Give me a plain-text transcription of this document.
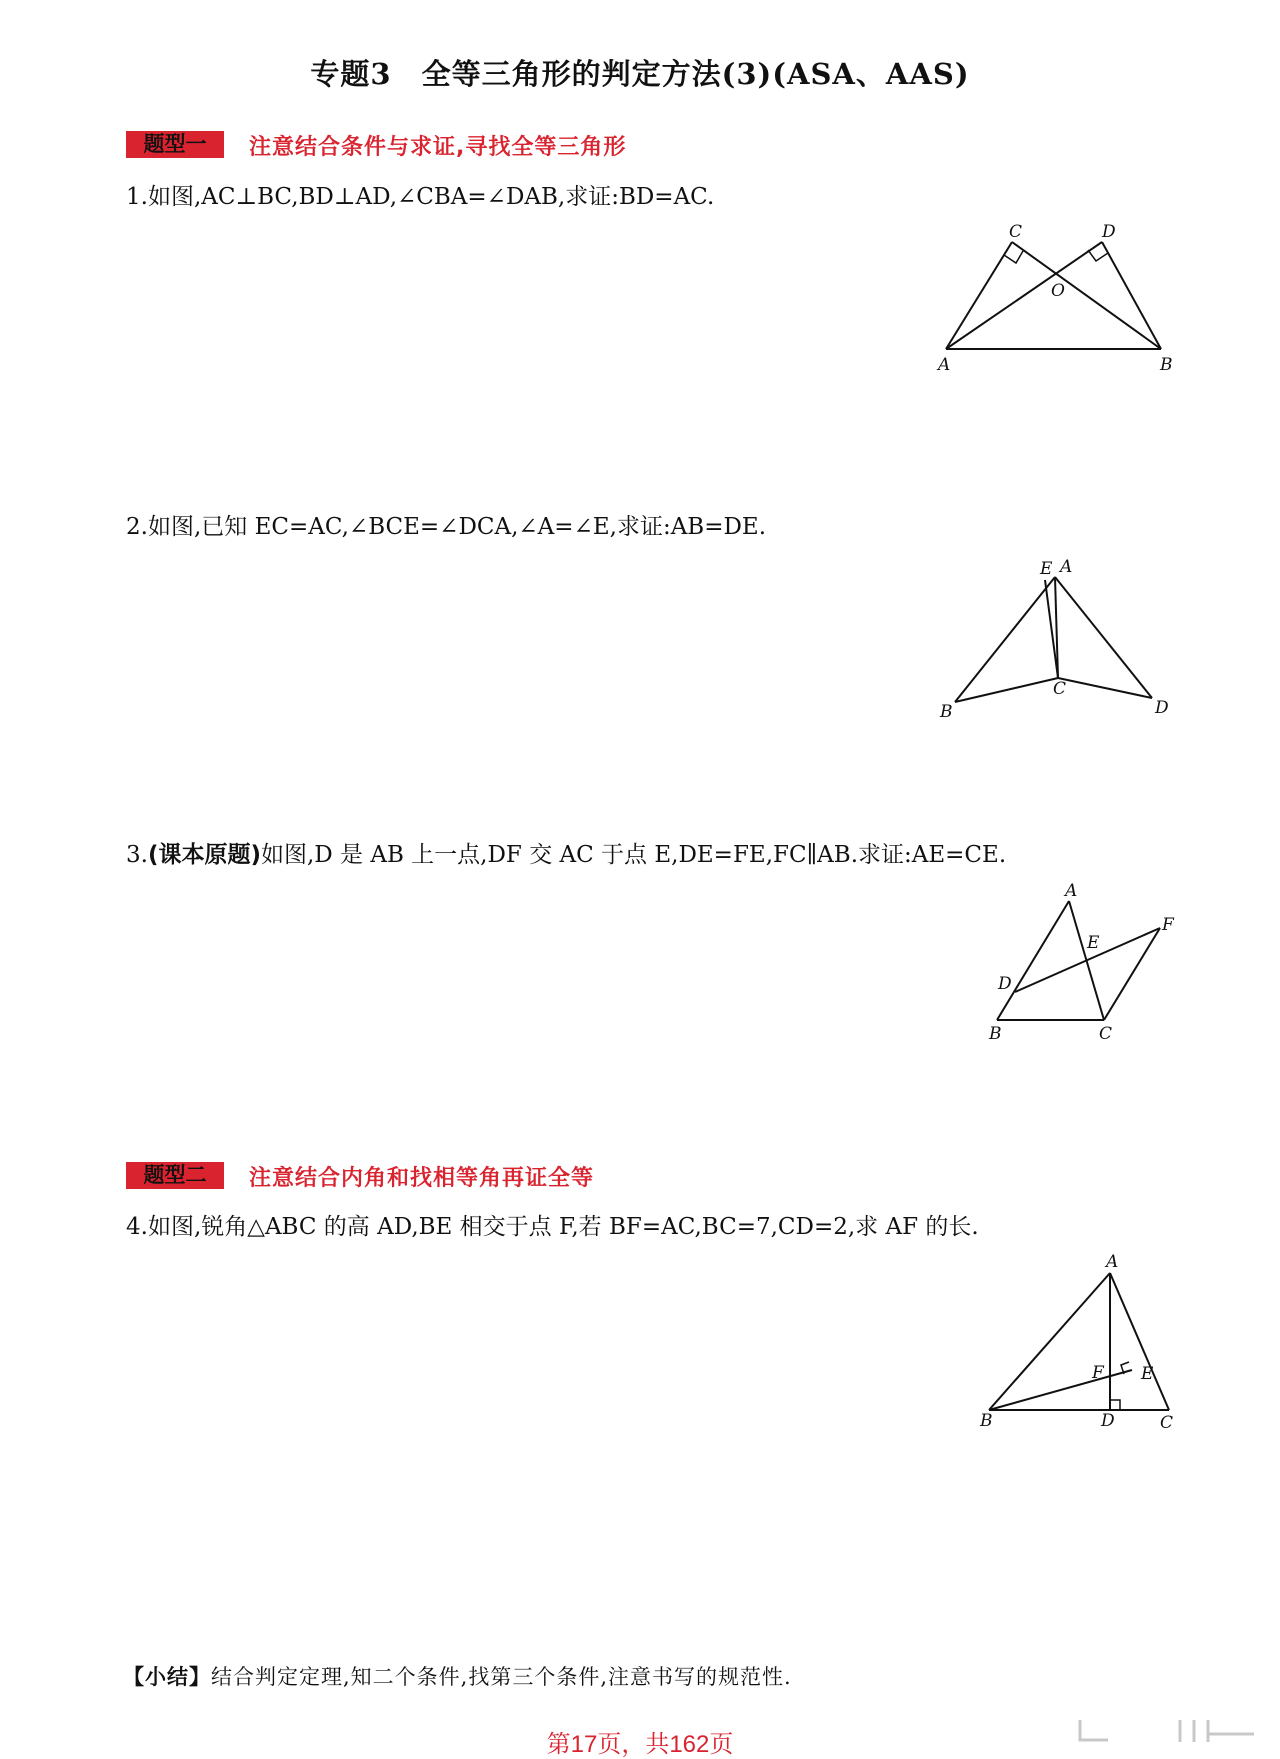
专题3　全等三角形的判定方法(3)(ASA、AAS)
题型一	注意结合条件与求证,寻找全等三角形
1.如图,AC⊥BC,BD⊥AD,∠CBA=∠DAB,求证:BD=AC.
C	D
O
A	B
2.如图,已知 EC=AC,∠BCE=∠DCA,∠A=∠E,求证:AB=DE.
E A
B
C
D
3.(课本原题)如图,D 是 AB 上一点,DF 交 AC 于点 E,DE=FE,FC∥AB.求证:AE=CE.
A
F
E
D
B	C
题型二	注意结合内角和找相等角再证全等
4.如图,锐角△ABC 的高 AD,BE 相交于点 F,若 BF=AC,BC=7,CD=2,求 AF 的长.
A
E
F
B	D	C
【小结】结合判定定理,知二个条件,找第三个条件,注意书写的规范性.
第17页，共162页
